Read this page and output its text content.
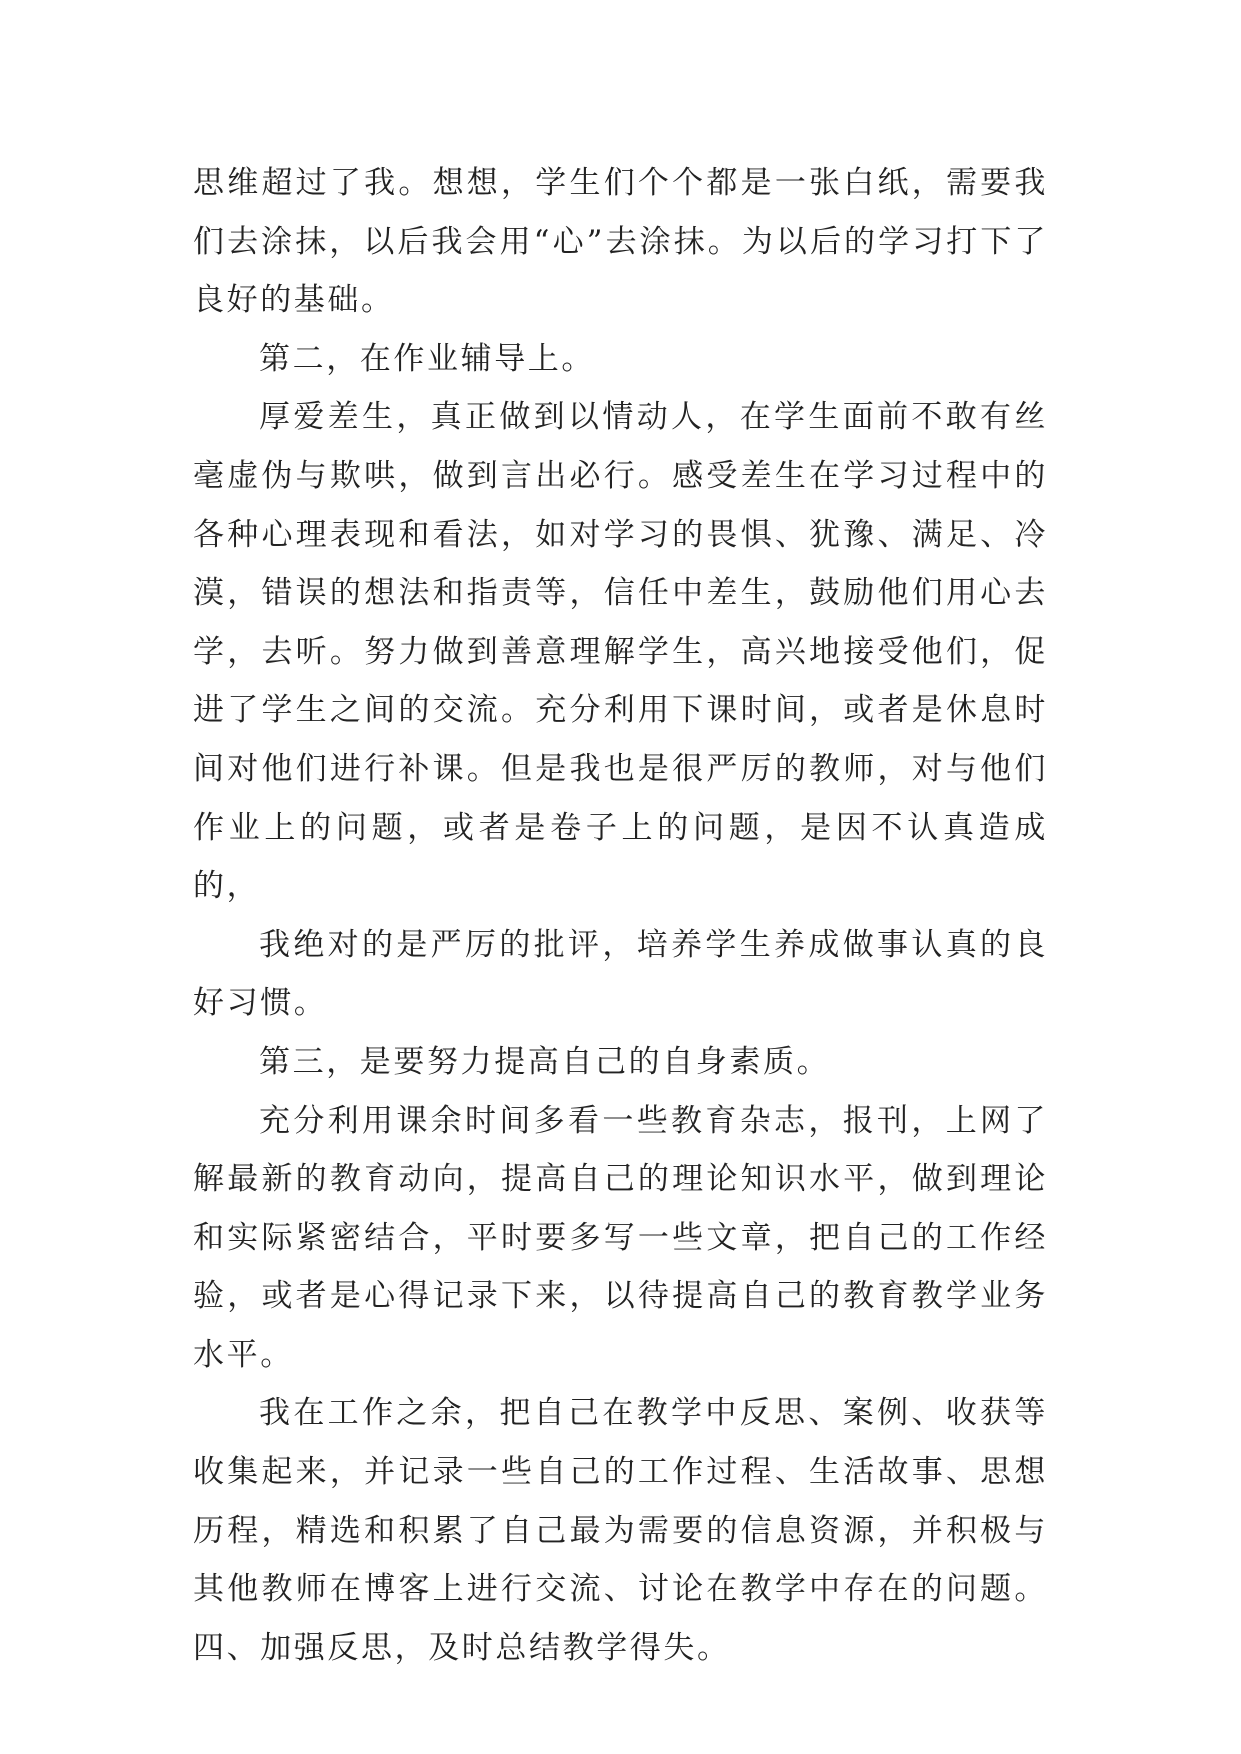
思维超过了我。想想，学生们个个都是一张白纸，需要我们去涂抹，以后我会用“心”去涂抹。为以后的学习打下了良好的基础。

第二，在作业辅导上。

厚爱差生，真正做到以情动人，在学生面前不敢有丝毫虚伪与欺哄，做到言出必行。感受差生在学习过程中的各种心理表现和看法，如对学习的畏惧、犹豫、满足、冷漠，错误的想法和指责等，信任中差生，鼓励他们用心去学，去听。努力做到善意理解学生，高兴地接受他们，促进了学生之间的交流。充分利用下课时间，或者是休息时间对他们进行补课。但是我也是很严厉的教师，对与他们作业上的问题，或者是卷子上的问题，是因不认真造成的，

我绝对的是严厉的批评，培养学生养成做事认真的良好习惯。

第三，是要努力提高自己的自身素质。

充分利用课余时间多看一些教育杂志，报刊，上网了解最新的教育动向，提高自己的理论知识水平，做到理论和实际紧密结合，平时要多写一些文章，把自己的工作经验，或者是心得记录下来，以待提高自己的教育教学业务水平。

我在工作之余，把自己在教学中反思、案例、收获等收集起来，并记录一些自己的工作过程、生活故事、思想历程，精选和积累了自己最为需要的信息资源，并积极与其他教师在博客上进行交流、讨论在教学中存在的问题。四、加强反思，及时总结教学得失。
